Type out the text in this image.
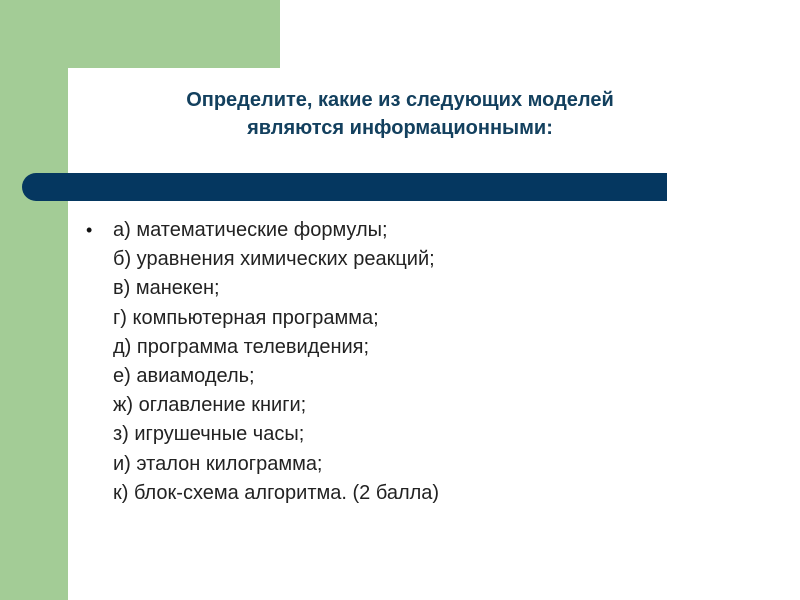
Определите, какие из следующих моделей
являются информационными:
•	а) математические формулы;
б) уравнения химических реакций;
в) манекен;
г) компьютерная программа;
д) программа телевидения;
е) авиамодель;
ж) оглавление книги;
з) игрушечные часы;
и) эталон килограмма;
к) блок-схема алгоритма. (2 балла)
